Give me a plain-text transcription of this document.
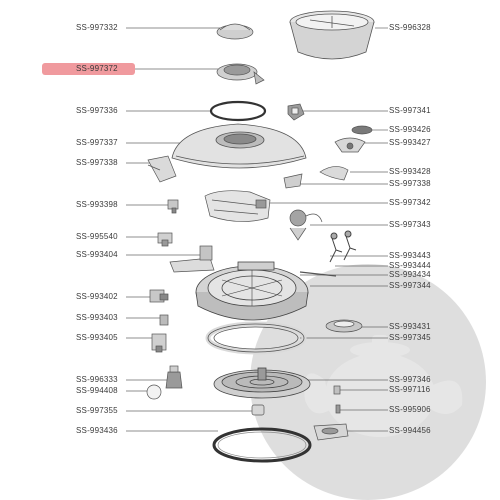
SS-997372
SS-997332
SS-997336
SS-997337
SS-997338
SS-993398
SS-995540
SS-993404
SS-993402
SS-993403
SS-993405
SS-996333
SS-994408
SS-997355
SS-993436
SS-996328
SS-997341
SS-993426
SS-993427
SS-993428
SS-997338
SS-997342
SS-997343
SS-993443
SS-993444
SS-993434
SS-997344
SS-993431
SS-997345
SS-997346
SS-997116
SS-995906
SS-994456
